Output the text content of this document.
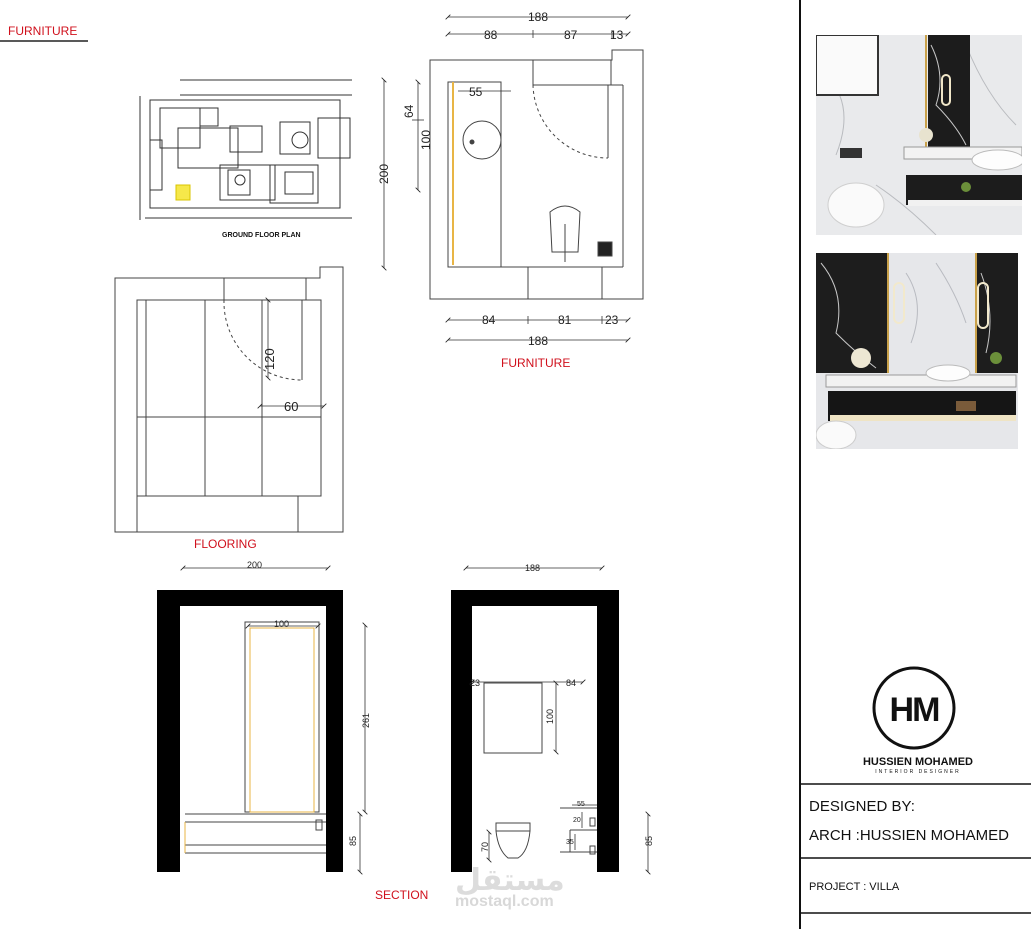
FURNITURE
GROUND FLOOR PLAN
188
88	87	13
55
84	81	23
188
200
64
100
FURNITURE
120
60
FLOORING
200
100
261
85
188
23	84
100
70
55
20
35	85
SECTION مستقل
mostaql.com
HM
HUSSIEN MOHAMED
INTERIOR DESIGNER
DESIGNED BY:
ARCH :HUSSIEN MOHAMED
PROJECT : VILLA
